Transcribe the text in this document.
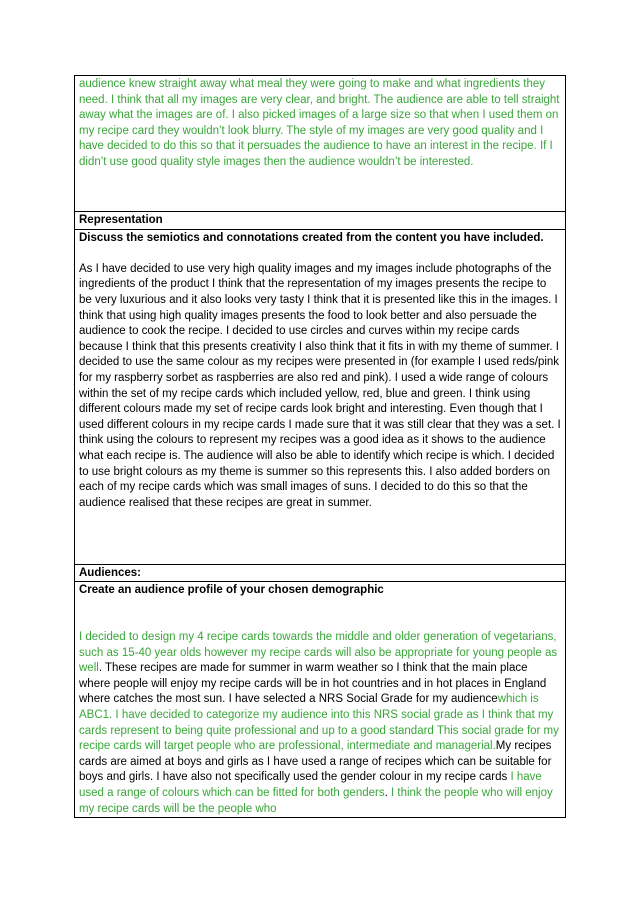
audience knew straight away what meal they were going to make and what ingredients they need. I think that all my images are very clear, and bright. The audience are able to tell straight away what the images are of. I also picked images of a large size so that when I used them on my recipe card they wouldn’t look blurry. The style of my images are very good quality and I have decided to do this so that it persuades the audience to have an interest in the recipe. If I didn’t use good quality style images then the audience wouldn’t be interested.

Representation

Discuss the semiotics and connotations created from the content you have included.

As I have decided to use very high quality images and my images include photographs of the ingredients of the product I think that the representation of my images presents the recipe to be very luxurious and it also looks very tasty I think that it is presented like this in the images. I think that using high quality images presents the food to look better and also persuade the audience to cook the recipe. I decided to use circles and curves within my recipe cards because I think that this presents creativity I also think that it fits in with my theme of summer. I decided to use the same colour as my recipes were presented in (for example I used reds/pink for my raspberry sorbet as raspberries are also red and pink). I used a wide range of colours within the set of my recipe cards which included yellow, red, blue and green. I think using different colours made my set of recipe cards look bright and interesting. Even though that I used different colours in my recipe cards I made sure that it was still clear that they was a set. I think using the colours to represent my recipes was a good idea as it shows to the audience what each recipe is. The audience will also be able to identify which recipe is which. I decided to use bright colours as my theme is summer so this represents this. I also added borders on each of my recipe cards which was small images of suns. I decided to do this so that the audience realised that these recipes are great in summer.

Audiences:

Create an audience profile of your chosen demographic

I decided to design my 4 recipe cards towards the middle and older generation of vegetarians, such as 15-40 year olds however my recipe cards will also be appropriate for young people as well. These recipes are made for summer in warm weather so I think that the main place where people will enjoy my recipe cards will be in hot countries and in hot places in England where catches the most sun. I have selected a NRS Social Grade for my audiencewhich is ABC1. I have decided to categorize my audience into this NRS social grade as I think that my cards represent to being quite professional and up to a good standard This social grade for my recipe cards will target people who are professional, intermediate and managerial.My recipes cards are aimed at boys and girls as I have used a range of recipes which can be suitable for boys and girls. I have also not specifically used the gender colour in my recipe cards I have used a range of colours which can be fitted for both genders. I think the people who will enjoy my recipe cards will be the people who
